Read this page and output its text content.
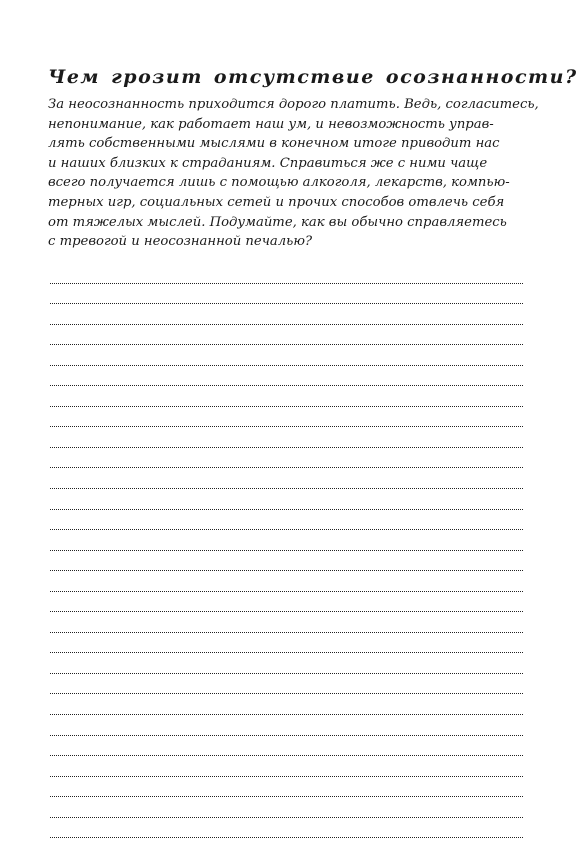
Чем грозит отсутствие осознанности?

За неосознанность приходится дорого платить. Ведь, согласитесь,
непонимание, как работает наш ум, и невозможность управ-
лять собственными мыслями в конечном итоге приводит нас
и наших близких к страданиям. Справиться же с ними чаще
всего получается лишь с помощью алкоголя, лекарств, компью-
терных игр, социальных сетей и прочих способов отвлечь себя
от тяжелых мыслей. Подумайте, как вы обычно справляетесь
с тревогой и неосознанной печалью?
